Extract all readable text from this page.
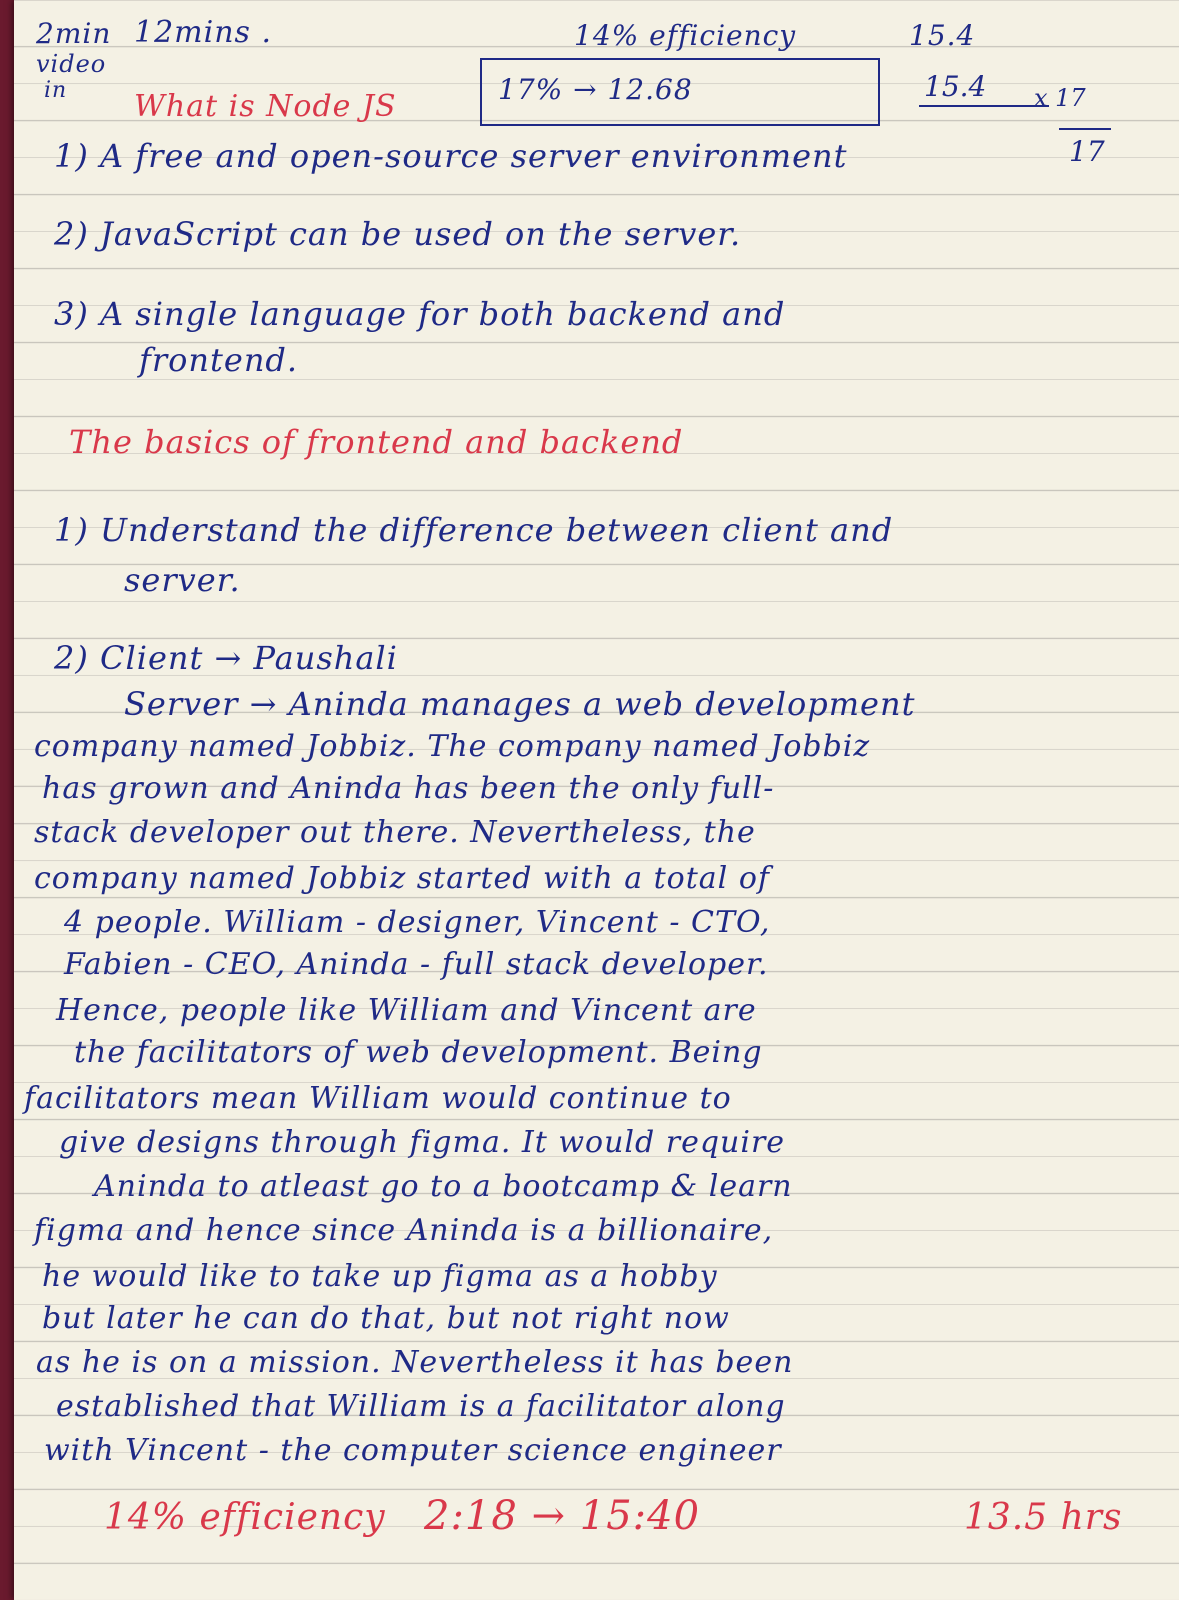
2min 12mins .
video
in
14% efficiency	15.4
17% → 12.68	15.4 x 17
17
What is Node JS
1) A free and open-source server environment
2) JavaScript can be used on the server.
3) A single language for both backend and
frontend.
The basics of frontend and backend
1) Understand the difference between client and
server.
2) Client → Paushali
Server → Aninda manages a web development
company named Jobbiz. The company named Jobbiz
has grown and Aninda has been the only full-
stack developer out there. Nevertheless, the
company named Jobbiz started with a total of
4 people. William - designer, Vincent - CTO,
Fabien - CEO, Aninda - full stack developer.
Hence, people like William and Vincent are
the facilitators of web development. Being
facilitators mean William would continue to
give designs through figma. It would require
Aninda to atleast go to a bootcamp & learn
figma and hence since Aninda is a billionaire,
he would like to take up figma as a hobby
but later he can do that, but not right now
as he is on a mission. Nevertheless it has been
established that William is a facilitator along
with Vincent - the computer science engineer
14% efficiency 2:18 → 15:40	13.5 hrs
